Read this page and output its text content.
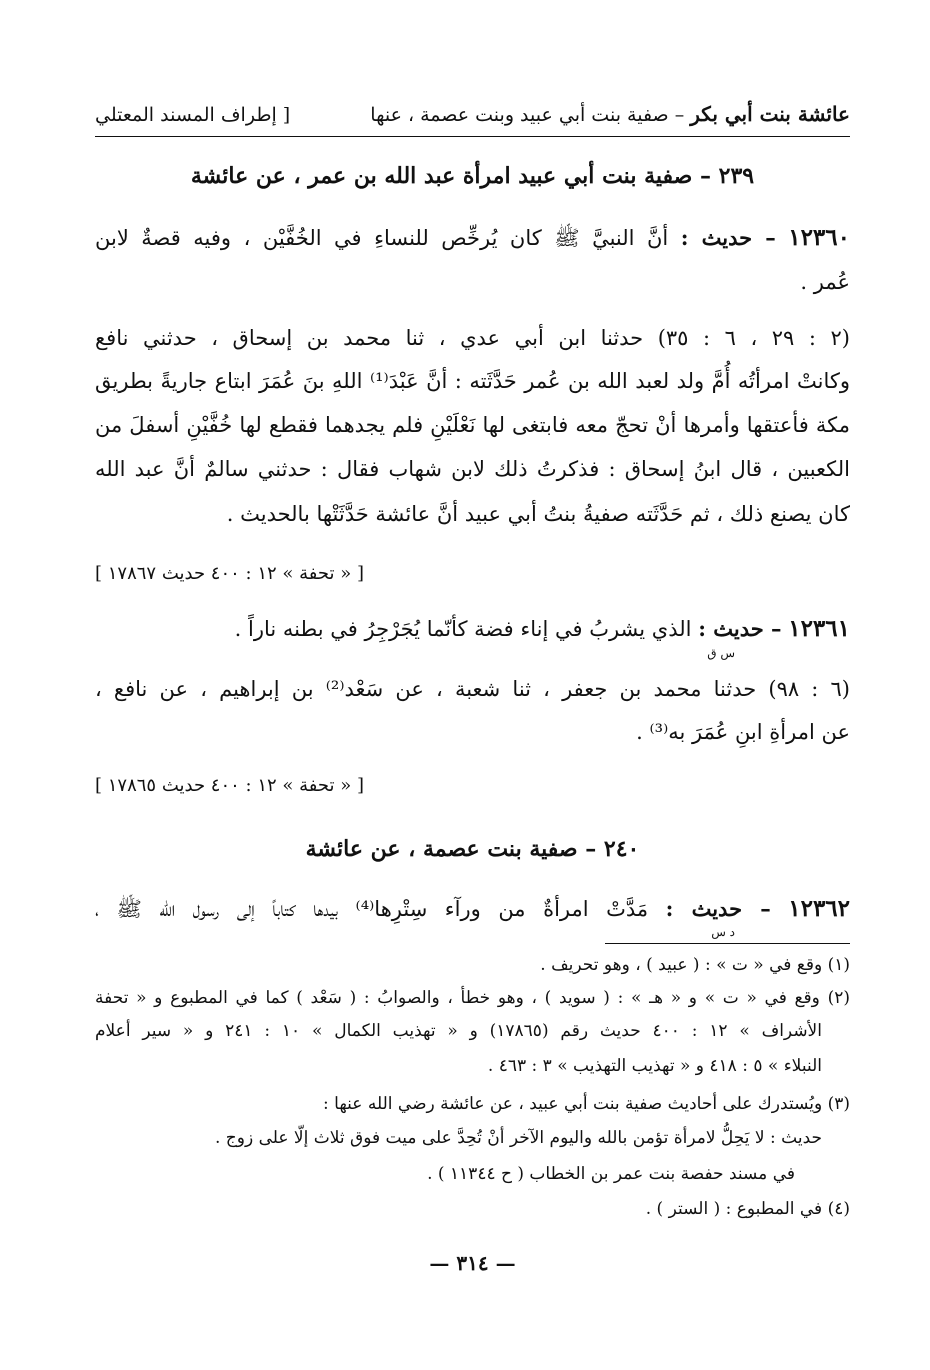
عائشة بنت أبي بكر – صفية بنت أبي عبيد وبنت عصمة ، عنها
[ إطراف المسند المعتلي
٢٣٩ – صفية بنت أبي عبيد امرأة عبد الله بن عمر ، عن عائشة
١٢٣٦٠ – حديث : أنَّ النبيَّ ﷺ كان يُرخِّص للنساءِ في الخُفَّيْن ، وفيه قصةٌ لابن
عُمر .
(٢ : ٢٩ ، ٦ : ٣٥) حدثنا ابن أبي عدي ، ثنا محمد بن إسحاق ، حدثني نافع
وكانتْ امرأتُه أُمَّ ولد لعبد الله بن عُمر حَدَّثَته : أنَّ عَبْدَ⁽¹⁾ اللهِ بنَ عُمَرَ ابتاع جاريةً بطريق
مكة فأعتقها وأمرها أنْ تحجّ معه فابتغى لها نَعْلَيْنِ فلم يجدهما فقطع لها خُفَّيْنِ أسفلَ من
الكعبين ، قال ابنُ إسحاق : فذكرتُ ذلك لابن شهاب فقال : حدثني سالمٌ أنَّ عبد الله
كان يصنع ذلك ، ثم حَدَّثَته صفيةُ بنتُ أبي عبيد أنَّ عائشة حَدَّثَتْها بالحديث .
[ « تحفة » ١٢ : ٤٠٠ حديث ١٧٨٦٧ ]
١٢٣٦١ – حديث : الذي يشربُ في إناء فضة كأنّما يُجَرْجِرُ في بطنه ناراً .
س ق
(٦ : ٩٨) حدثنا محمد بن جعفر ، ثنا شعبة ، عن سَعْد⁽²⁾ بن إبراهيم ، عن نافع ،
عن امرأةِ ابنِ عُمَرَ به⁽³⁾ .
[ « تحفة » ١٢ : ٤٠٠ حديث ١٧٨٦٥ ]
٢٤٠ – صفية بنت عصمة ، عن عائشة
١٢٣٦٢ – حديث : مَدَّتْ امرأةٌ من ورآء سِتْرِها⁽⁴⁾ بيدها كتاباً إلى رسول الله ﷺ ،
د س
(١) وقع في « ت » : ( عبيد ) ، وهو تحريف .
(٢) وقع في « ت » و « هـ » : ( سويد ) ، وهو خطأ ، والصوابُ : ( سَعْد ) كما في المطبوع و « تحفة
الأشراف » ١٢ : ٤٠٠ حديث رقم (١٧٨٦٥) و « تهذيب الكمال » ١٠ : ٢٤١ و « سير أعلام
النبلاء » ٥ : ٤١٨ و « تهذيب التهذيب » ٣ : ٤٦٣ .
(٣) ويُستدرك على أحاديث صفية بنت أبي عبيد ، عن عائشة رضي الله عنها :
حديث : لا يَحِلُّ لامرأة تؤمن بالله واليوم الآخر أنْ تُحِدَّ على ميت فوق ثلاث إلّا على زوج .
في مسند حفصة بنت عمر بن الخطاب ( ح ١١٣٤٤ ) .
(٤) في المطبوع : ( الستر ) .
— ٣١٤ —
